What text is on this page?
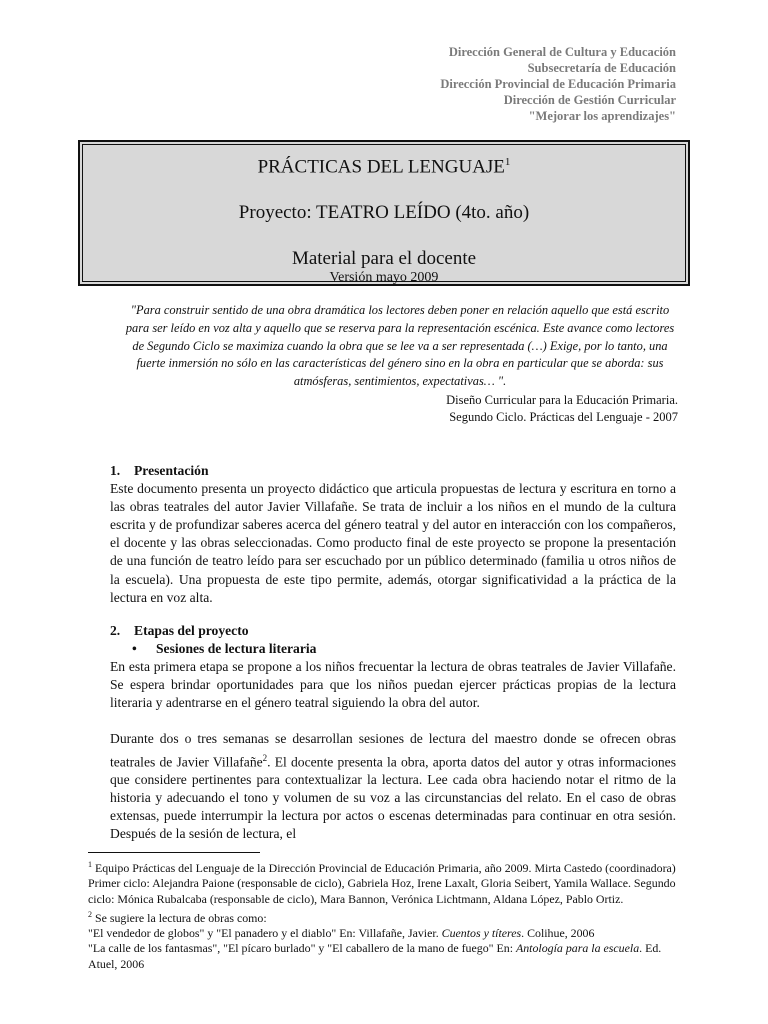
Dirección General de Cultura y Educación
Subsecretaría de Educación
Dirección Provincial de Educación Primaria
Dirección de Gestión Curricular
"Mejorar los aprendizajes"
PRÁCTICAS DEL LENGUAJE$^1$
Proyecto: TEATRO LEÍDO (4to. año)
Material para el docente
Versión mayo 2009
"Para construir sentido de una obra dramática los lectores deben poner en relación aquello que está escrito para ser leído en voz alta y aquello que se reserva para la representación escénica. Este avance como lectores de Segundo Ciclo se maximiza cuando la obra que se lee va a ser representada (…) Exige, por lo tanto, una fuerte inmersión no sólo en las características del género sino en la obra en particular que se aborda: sus atmósferas, sentimientos, expectativas… ".
Diseño Curricular para la Educación Primaria.
Segundo Ciclo. Prácticas del Lenguaje - 2007
1. Presentación
Este documento presenta un proyecto didáctico que articula propuestas de lectura y escritura en torno a las obras teatrales del autor Javier Villafañe. Se trata de incluir a los niños en el mundo de la cultura escrita y de profundizar saberes acerca del género teatral y del autor en interacción con los compañeros, el docente y las obras seleccionadas. Como producto final de este proyecto se propone la presentación de una función de teatro leído para ser escuchado por un público determinado (familia u otros niños de la escuela). Una propuesta de este tipo permite, además, otorgar significatividad a la práctica de la lectura en voz alta.
2. Etapas del proyecto
• Sesiones de lectura literaria
En esta primera etapa se propone a los niños frecuentar la lectura de obras teatrales de Javier Villafañe. Se espera brindar oportunidades para que los niños puedan ejercer prácticas propias de la lectura literaria y adentrarse en el género teatral siguiendo la obra del autor.
Durante dos o tres semanas se desarrollan sesiones de lectura del maestro donde se ofrecen obras teatrales de Javier Villafañe$^2$. El docente presenta la obra, aporta datos del autor y otras informaciones que considere pertinentes para contextualizar la lectura. Lee cada obra haciendo notar el ritmo de la historia y adecuando el tono y volumen de su voz a las circunstancias del relato. En el caso de obras extensas, puede interrumpir la lectura por actos o escenas determinadas para continuar en otra sesión. Después de la sesión de lectura, el
$^1$ Equipo Prácticas del Lenguaje de la Dirección Provincial de Educación Primaria, año 2009. Mirta Castedo (coordinadora) Primer ciclo: Alejandra Paione (responsable de ciclo), Gabriela Hoz, Irene Laxalt, Gloria Seibert, Yamila Wallace. Segundo ciclo: Mónica Rubalcaba (responsable de ciclo), Mara Bannon, Verónica Lichtmann, Aldana López, Pablo Ortiz.
$^2$ Se sugiere la lectura de obras como:
"El vendedor de globos" y "El panadero y el diablo" En: Villafañe, Javier. Cuentos y títeres. Colihue, 2006
"La calle de los fantasmas", "El pícaro burlado" y "El caballero de la mano de fuego" En: Antología para la escuela. Ed. Atuel, 2006
